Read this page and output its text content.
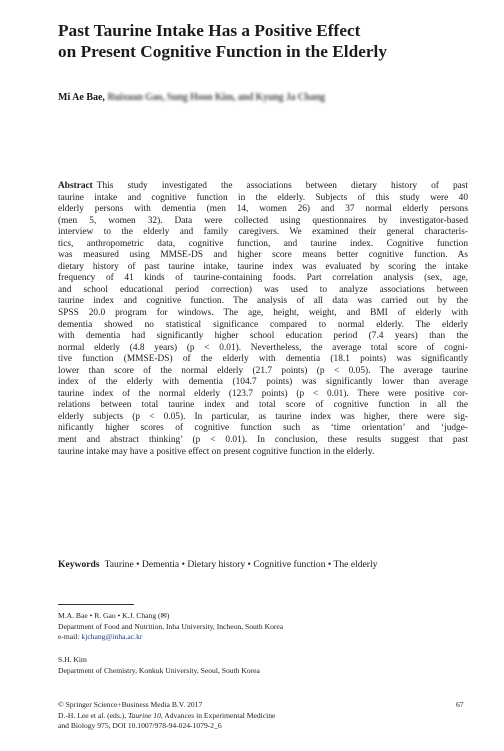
Past Taurine Intake Has a Positive Effect
on Present Cognitive Function in the Elderly
Mi Ae Bae, Ruixuan Gao, Sung Hoon Kim, and Kyung Ja Chang
Abstract This study investigated the associations between dietary history of past
taurine intake and cognitive function in the elderly. Subjects of this study were 40
elderly persons with dementia (men 14, women 26) and 37 normal elderly persons
(men 5, women 32). Data were collected using questionnaires by investigator-based
interview to the elderly and family caregivers. We examined their general characteris-
tics, anthropometric data, cognitive function, and taurine index. Cognitive function
was measured using MMSE-DS and higher score means better cognitive function. As
dietary history of past taurine intake, taurine index was evaluated by scoring the intake
frequency of 41 kinds of taurine-containing foods. Part correlation analysis (sex, age,
and school educational period correction) was used to analyze associations between
taurine index and cognitive function. The analysis of all data was carried out by the
SPSS 20.0 program for windows. The age, height, weight, and BMI of elderly with
dementia showed no statistical significance compared to normal elderly. The elderly
with dementia had significantly higher school education period (7.4 years) than the
normal elderly (4.8 years) (p < 0.01). Nevertheless, the average total score of cogni-
tive function (MMSE-DS) of the elderly with dementia (18.1 points) was significantly
lower than score of the normal elderly (21.7 points) (p < 0.05). The average taurine
index of the elderly with dementia (104.7 points) was significantly lower than average
taurine index of the normal elderly (123.7 points) (p < 0.01). There were positive cor-
relations between total taurine index and total score of cognitive function in all the
elderly subjects (p < 0.05). In particular, as taurine index was higher, there were sig-
nificantly higher scores of cognitive function such as ‘time orientation’ and ‘judge-
ment and abstract thinking’ (p < 0.01). In conclusion, these results suggest that past
taurine intake may have a positive effect on present cognitive function in the elderly.
Keywords Taurine • Dementia • Dietary history • Cognitive function • The elderly
M.A. Bae • R. Gao • K.J. Chang (✉)
Department of Food and Nutrition, Inha University, Incheon, South Korea
e-mail: kjchang@inha.ac.kr
S.H. Kim
Department of Chemistry, Konkuk University, Seoul, South Korea
© Springer Science+Business Media B.V. 2017
D.-H. Lee et al. (eds.), Taurine 10, Advances in Experimental Medicine
and Biology 975, DOI 10.1007/978-94-024-1079-2_6
67
